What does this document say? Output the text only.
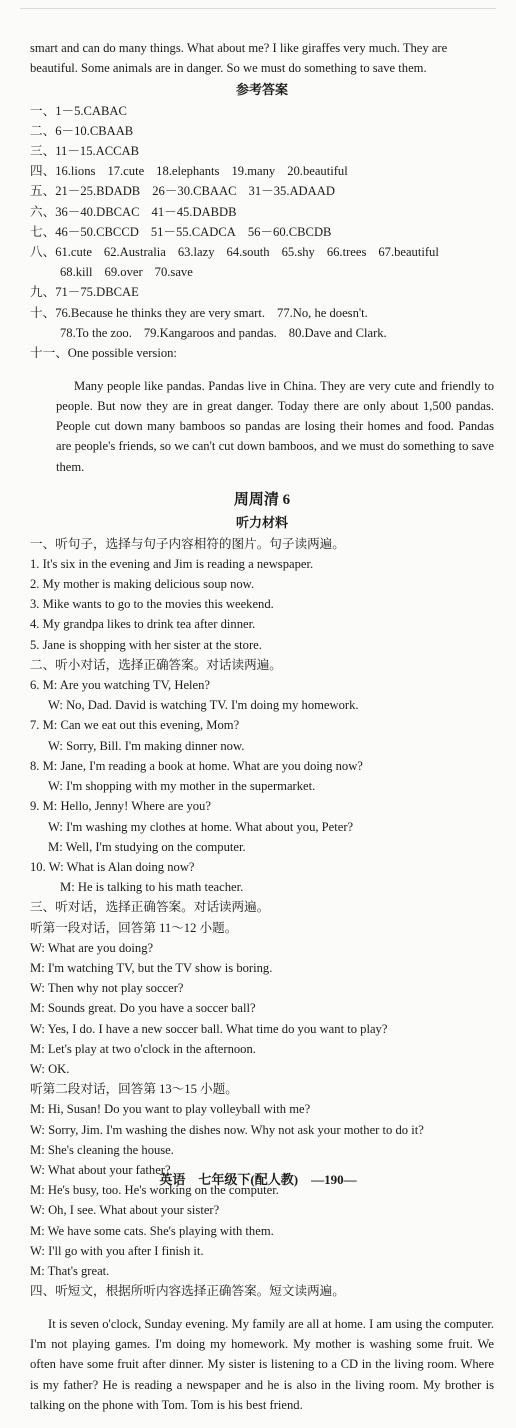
smart and can do many things. What about me? I like giraffes very much. They are

beautiful. Some animals are in danger. So we must do something to save them.

参考答案

一、1－5.CABAC
二、6－10.CBAAB
三、11－15.ACCAB
四、16.lions 17.cute 18.elephants 19.many 20.beautiful
五、21－25.BDADB 26－30.CBAAC 31－35.ADAAD
六、36－40.DBCAC 41－45.DABDB
七、46－50.CBCCD 51－55.CADCA 56－60.CBCDB
八、61.cute 62.Australia 63.lazy 64.south 65.shy 66.trees 67.beautiful
68.kill 69.over 70.save
九、71－75.DBCAE
十、76.Because he thinks they are very smart. 77.No, he doesn't.
78.To the zoo. 79.Kangaroos and pandas. 80.Dave and Clark.
十一、One possible version:

Many people like pandas. Pandas live in China. They are very cute and friendly to people. But now they are in great danger. Today there are only about 1,500 pandas. People cut down many bamboos so pandas are losing their homes and food. Pandas are people's friends, so we can't cut down bamboos, and we must do something to save them.

周周清 6

听力材料

一、听句子，选择与句子内容相符的图片。句子读两遍。

1. It's six in the evening and Jim is reading a newspaper.

2. My mother is making delicious soup now.

3. Mike wants to go to the movies this weekend.

4. My grandpa likes to drink tea after dinner.

5. Jane is shopping with her sister at the store.

二、听小对话，选择正确答案。对话读两遍。

6. M: Are you watching TV, Helen?

W: No, Dad. David is watching TV. I'm doing my homework.

7. M: Can we eat out this evening, Mom?

W: Sorry, Bill. I'm making dinner now.

8. M: Jane, I'm reading a book at home. What are you doing now?

W: I'm shopping with my mother in the supermarket.

9. M: Hello, Jenny! Where are you?

W: I'm washing my clothes at home. What about you, Peter?

M: Well, I'm studying on the computer.

10. W: What is Alan doing now?

M: He is talking to his math teacher.

三、听对话，选择正确答案。对话读两遍。

听第一段对话，回答第 11～12 小题。

W: What are you doing?

M: I'm watching TV, but the TV show is boring.

W: Then why not play soccer?

M: Sounds great. Do you have a soccer ball?

W: Yes, I do. I have a new soccer ball. What time do you want to play?

M: Let's play at two o'clock in the afternoon.

W: OK.

听第二段对话，回答第 13～15 小题。

M: Hi, Susan! Do you want to play volleyball with me?

W: Sorry, Jim. I'm washing the dishes now. Why not ask your mother to do it?

M: She's cleaning the house.

W: What about your father?

M: He's busy, too. He's working on the computer.

W: Oh, I see. What about your sister?

M: We have some cats. She's playing with them.

W: I'll go with you after I finish it.

M: That's great.

四、听短文，根据所听内容选择正确答案。短文读两遍。

It is seven o'clock, Sunday evening. My family are all at home. I am using the computer. I'm not playing games. I'm doing my homework. My mother is washing some fruit. We often have some fruit after dinner. My sister is listening to a CD in the living room. Where is my father? He is reading a newspaper and he is also in the living room. My brother is talking on the phone with Tom. Tom is his best friend.

英语 七年级下(配人教) —190—
